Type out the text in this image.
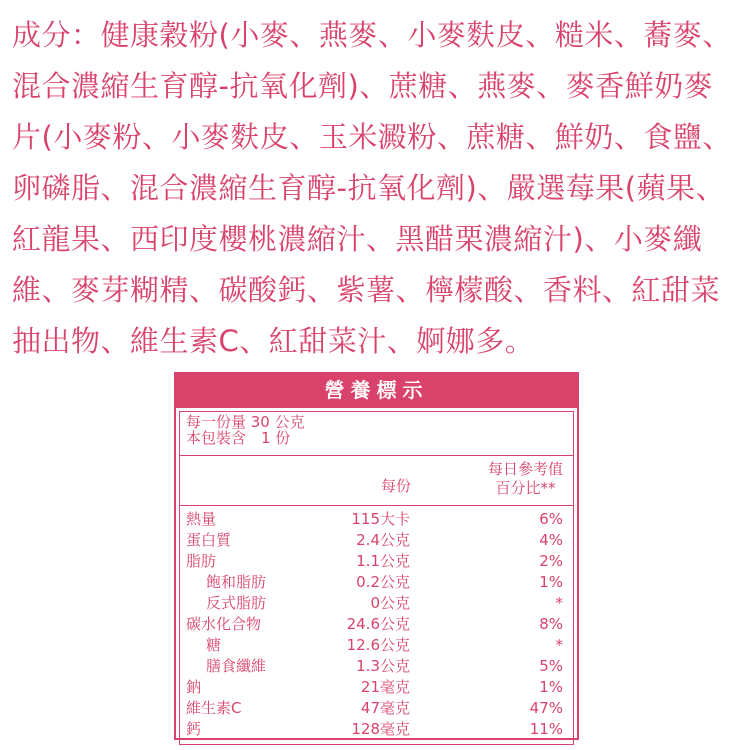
成分：健康穀粉(小麥、燕麥、小麥麩皮、糙米、蕎麥、混合濃縮生育醇-抗氧化劑)、蔗糖、燕麥、麥香鮮奶麥片(小麥粉、小麥麩皮、玉米澱粉、蔗糖、鮮奶、食鹽、卵磷脂、混合濃縮生育醇-抗氧化劑)、嚴選莓果(蘋果、紅龍果、西印度櫻桃濃縮汁、黑醋栗濃縮汁)、小麥纖維、麥芽糊精、碳酸鈣、紫薯、檸檬酸、香料、紅甜菜抽出物、維生素C、紅甜菜汁、婀娜多。

營養標示
每一份量 30 公克
本包裝含　1 份
每份
每日參考值
百分比**
熱量	115大卡	6%
蛋白質	2.4公克	4%
脂肪	1.1公克	2%
飽和脂肪	0.2公克	1%
反式脂肪	0公克	*
碳水化合物	24.6公克	8%
糖	12.6公克	*
膳食纖維	1.3公克	5%
鈉	21毫克	1%
維生素C	47毫克	47%
鈣	128毫克	11%
